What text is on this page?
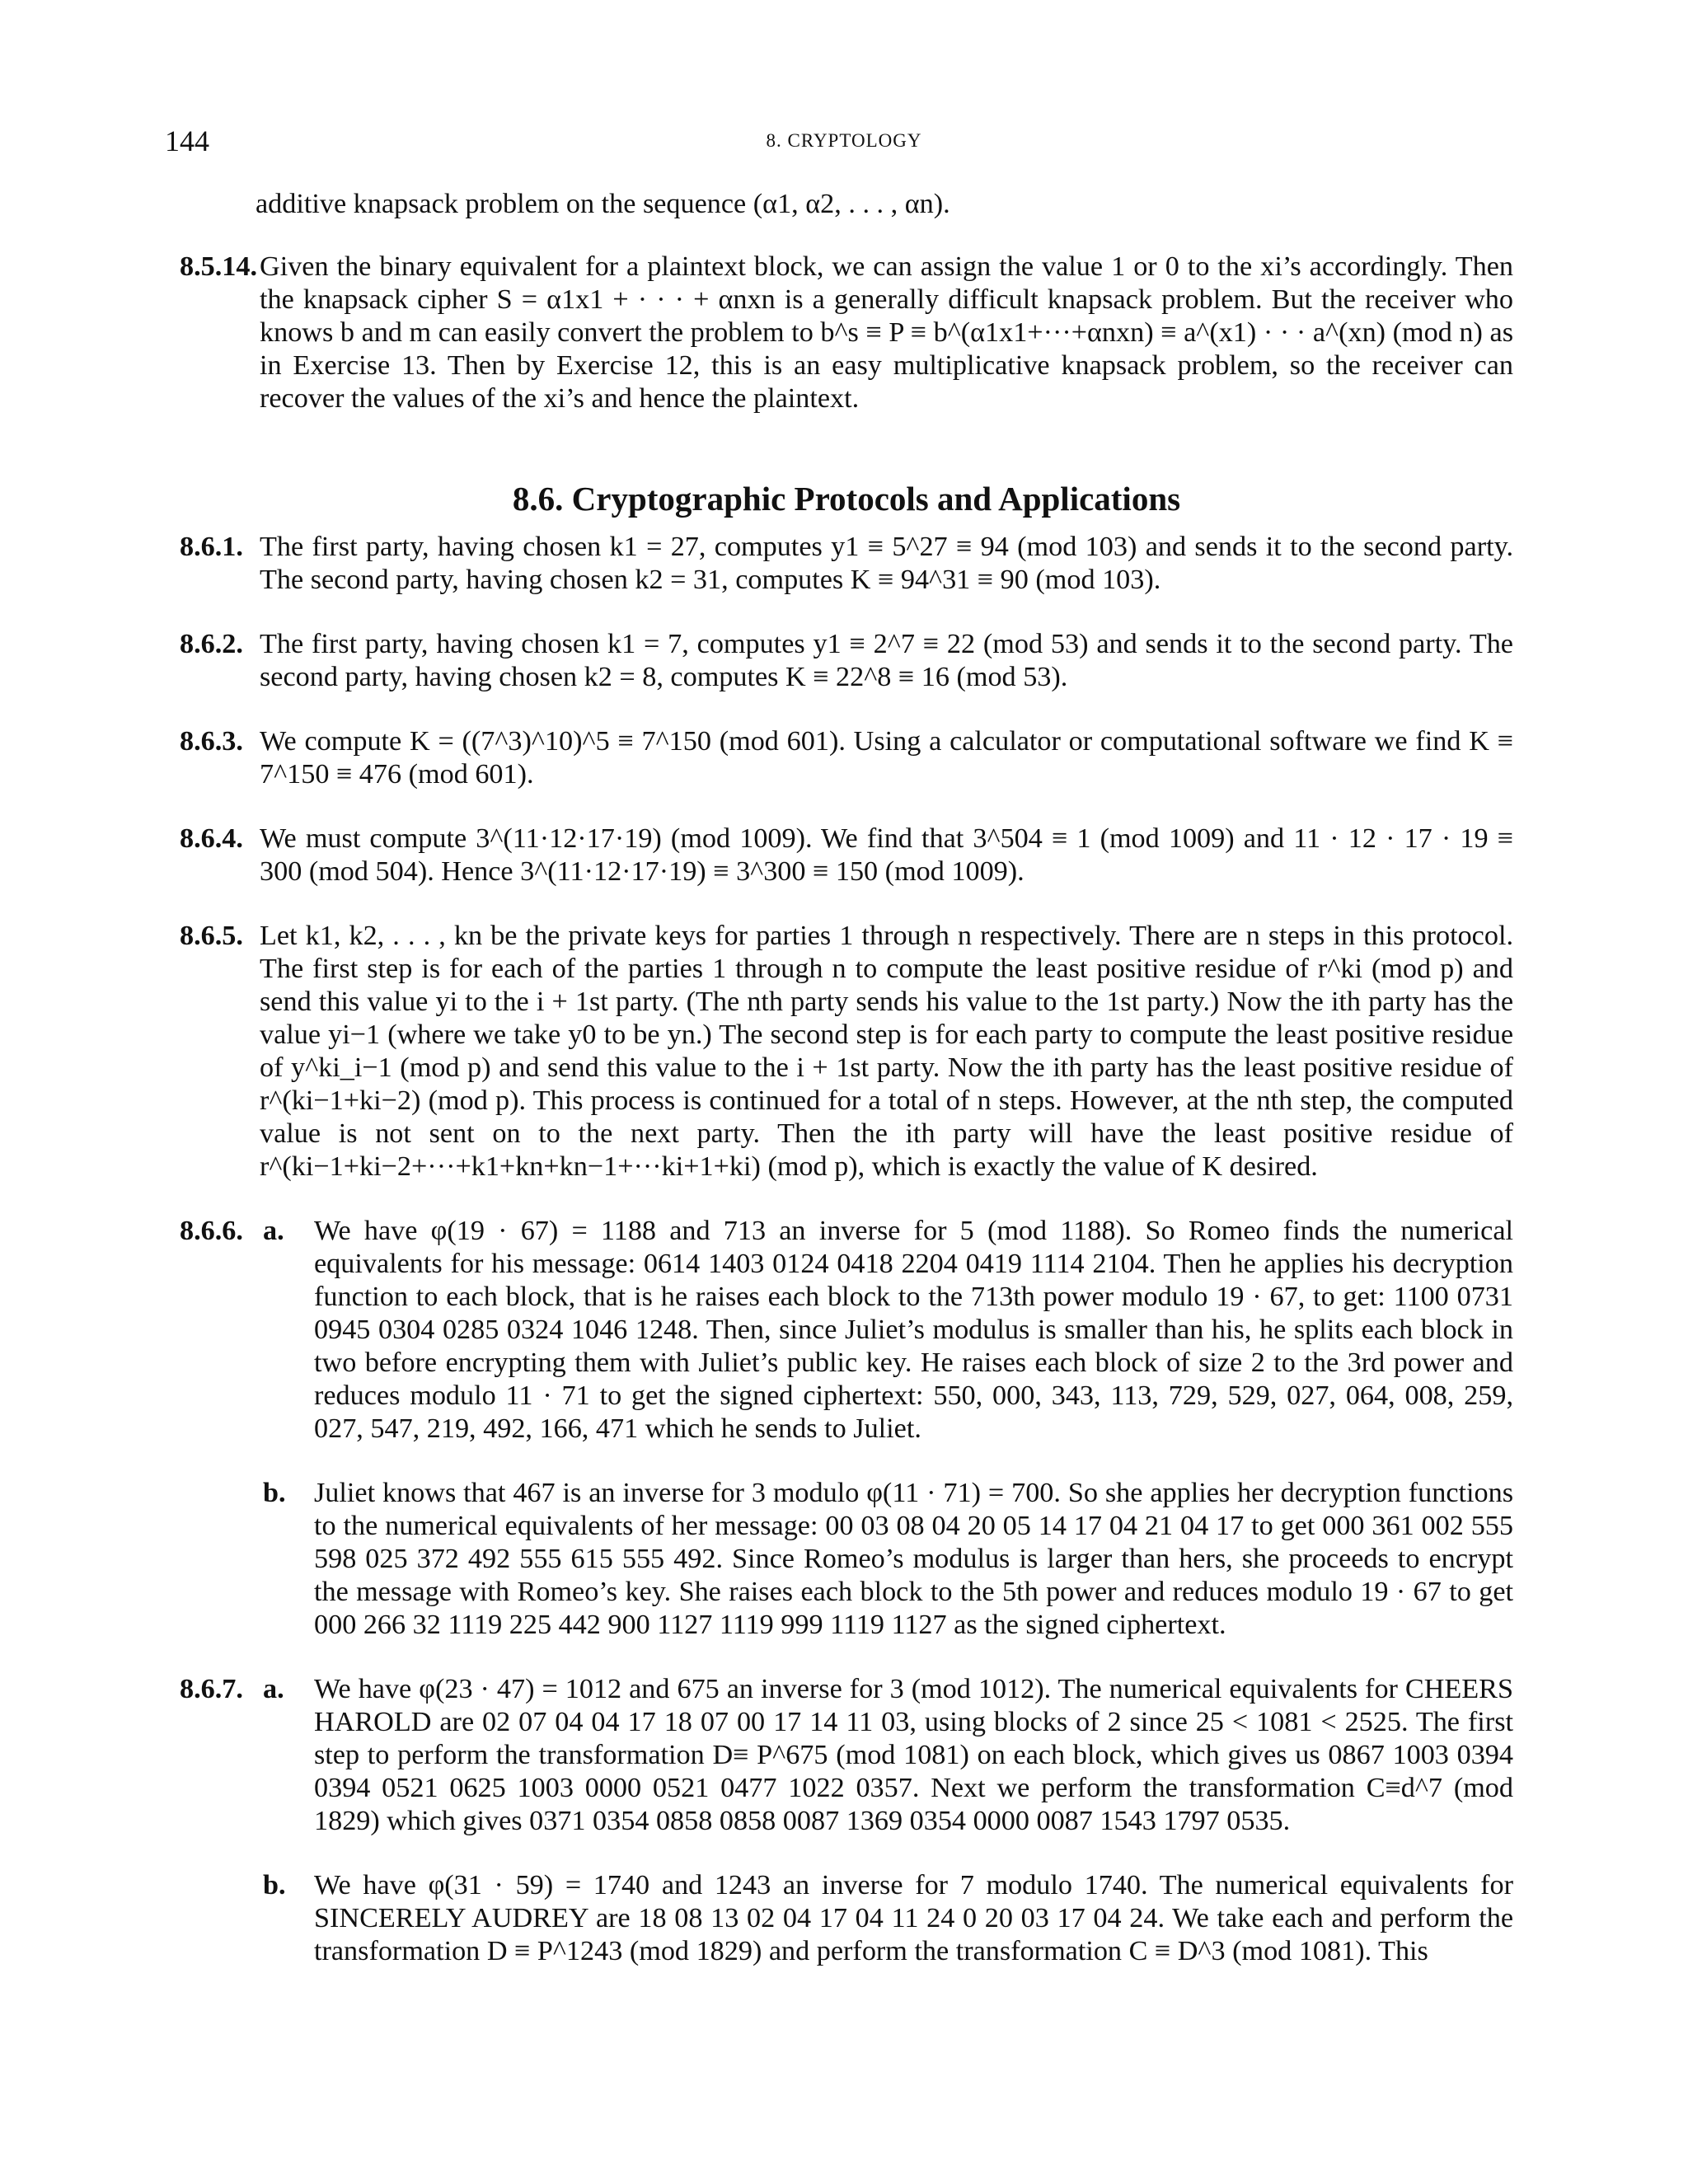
144	8. CRYPTOLOGY
additive knapsack problem on the sequence (α1, α2, . . . , αn).
8.5.14. Given the binary equivalent for a plaintext block, we can assign the value 1 or 0 to the xi’s accordingly. Then the knapsack cipher S = α1x1 + · · · + αnxn is a generally difficult knapsack problem. But the receiver who knows b and m can easily convert the problem to b^s ≡ P ≡ b^(α1x1+···+αnxn) ≡ a^(x1) · · · a^(xn) (mod n) as in Exercise 13. Then by Exercise 12, this is an easy multiplicative knapsack problem, so the receiver can recover the values of the xi’s and hence the plaintext.
8.6. Cryptographic Protocols and Applications
8.6.1. The first party, having chosen k1 = 27, computes y1 ≡ 5^27 ≡ 94 (mod 103) and sends it to the second party. The second party, having chosen k2 = 31, computes K ≡ 94^31 ≡ 90 (mod 103).
8.6.2. The first party, having chosen k1 = 7, computes y1 ≡ 2^7 ≡ 22 (mod 53) and sends it to the second party. The second party, having chosen k2 = 8, computes K ≡ 22^8 ≡ 16 (mod 53).
8.6.3. We compute K = ((7^3)^10)^5 ≡ 7^150 (mod 601). Using a calculator or computational software we find K ≡ 7^150 ≡ 476 (mod 601).
8.6.4. We must compute 3^(11·12·17·19) (mod 1009). We find that 3^504 ≡ 1 (mod 1009) and 11 · 12 · 17 · 19 ≡ 300 (mod 504). Hence 3^(11·12·17·19) ≡ 3^300 ≡ 150 (mod 1009).
8.6.5. Let k1, k2, . . . , kn be the private keys for parties 1 through n respectively. There are n steps in this protocol. The first step is for each of the parties 1 through n to compute the least positive residue of r^ki (mod p) and send this value yi to the i + 1st party. (The nth party sends his value to the 1st party.) Now the ith party has the value yi−1 (where we take y0 to be yn.) The second step is for each party to compute the least positive residue of y^ki_i−1 (mod p) and send this value to the i + 1st party. Now the ith party has the least positive residue of r^(ki−1+ki−2) (mod p). This process is continued for a total of n steps. However, at the nth step, the computed value is not sent on to the next party. Then the ith party will have the least positive residue of r^(ki−1+ki−2+···+k1+kn+kn−1+···ki+1+ki) (mod p), which is exactly the value of K desired.
8.6.6. a. We have φ(19 · 67) = 1188 and 713 an inverse for 5 (mod 1188). So Romeo finds the numerical equivalents for his message: 0614 1403 0124 0418 2204 0419 1114 2104. Then he applies his decryption function to each block, that is he raises each block to the 713th power modulo 19 · 67, to get: 1100 0731 0945 0304 0285 0324 1046 1248. Then, since Juliet’s modulus is smaller than his, he splits each block in two before encrypting them with Juliet’s public key. He raises each block of size 2 to the 3rd power and reduces modulo 11 · 71 to get the signed ciphertext: 550, 000, 343, 113, 729, 529, 027, 064, 008, 259, 027, 547, 219, 492, 166, 471 which he sends to Juliet.
b. Juliet knows that 467 is an inverse for 3 modulo φ(11 · 71) = 700. So she applies her decryption functions to the numerical equivalents of her message: 00 03 08 04 20 05 14 17 04 21 04 17 to get 000 361 002 555 598 025 372 492 555 615 555 492. Since Romeo’s modulus is larger than hers, she proceeds to encrypt the message with Romeo’s key. She raises each block to the 5th power and reduces modulo 19 · 67 to get 000 266 32 1119 225 442 900 1127 1119 999 1119 1127 as the signed ciphertext.
8.6.7. a. We have φ(23 · 47) = 1012 and 675 an inverse for 3 (mod 1012). The numerical equivalents for CHEERS HAROLD are 02 07 04 04 17 18 07 00 17 14 11 03, using blocks of 2 since 25 < 1081 < 2525. The first step to perform the transformation D≡ P^675 (mod 1081) on each block, which gives us 0867 1003 0394 0394 0521 0625 1003 0000 0521 0477 1022 0357. Next we perform the transformation C≡d^7 (mod 1829) which gives 0371 0354 0858 0858 0087 1369 0354 0000 0087 1543 1797 0535.
b. We have φ(31 · 59) = 1740 and 1243 an inverse for 7 modulo 1740. The numerical equivalents for SINCERELY AUDREY are 18 08 13 02 04 17 04 11 24 0 20 03 17 04 24. We take each and perform the transformation D ≡ P^1243 (mod 1829) and perform the transformation C ≡ D^3 (mod 1081). This
